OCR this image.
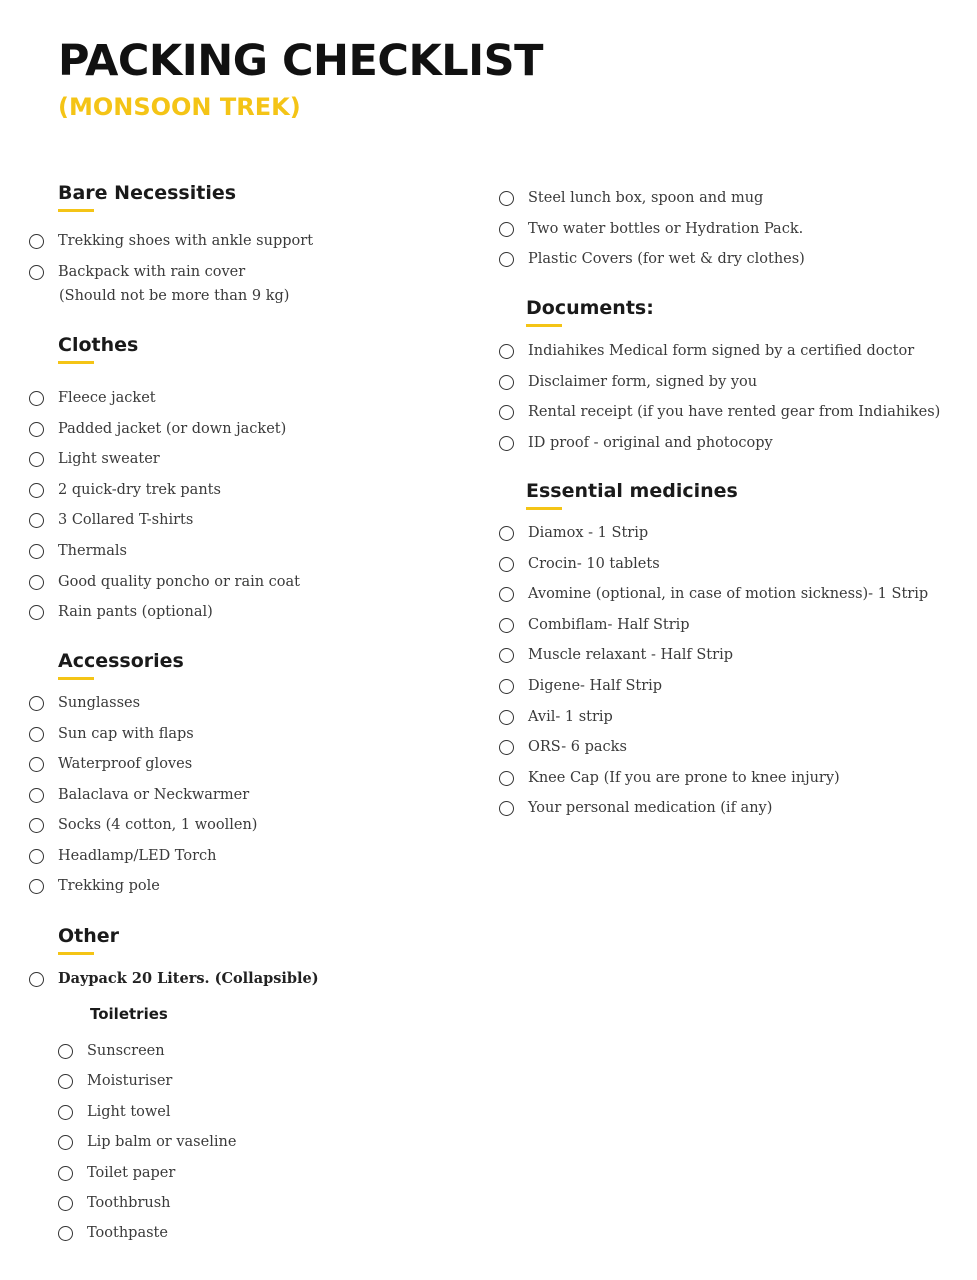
PACKING CHECKLIST
(MONSOON TREK)
Bare Necessities
Trekking shoes with ankle support
Backpack with rain cover
(Should not be more than 9 kg)
Clothes
Fleece jacket
Padded jacket (or down jacket)
Light sweater
2 quick-dry trek pants
3 Collared T-shirts
Thermals
Good quality poncho or rain coat
Rain pants (optional)
Accessories
Sunglasses
Sun cap with flaps
Waterproof gloves
Balaclava or Neckwarmer
Socks (4 cotton, 1 woollen)
Headlamp/LED Torch
Trekking pole
Other
Daypack 20 Liters. (Collapsible)
Toiletries
Sunscreen
Moisturiser
Light towel
Lip balm or vaseline
Toilet paper
Toothbrush
Toothpaste
Steel lunch box, spoon and mug
Two water bottles or Hydration Pack.
Plastic Covers (for wet & dry clothes)
Documents:
Indiahikes Medical form signed by a certified doctor
Disclaimer form, signed by you
Rental receipt (if you have rented gear from Indiahikes)
ID proof - original and photocopy
Essential medicines
Diamox - 1 Strip
Crocin- 10 tablets
Avomine (optional, in case of motion sickness)- 1 Strip
Combiflam- Half Strip
Muscle relaxant - Half Strip
Digene- Half Strip
Avil- 1 strip
ORS- 6 packs
Knee Cap (If you are prone to knee injury)
Your personal medication (if any)
